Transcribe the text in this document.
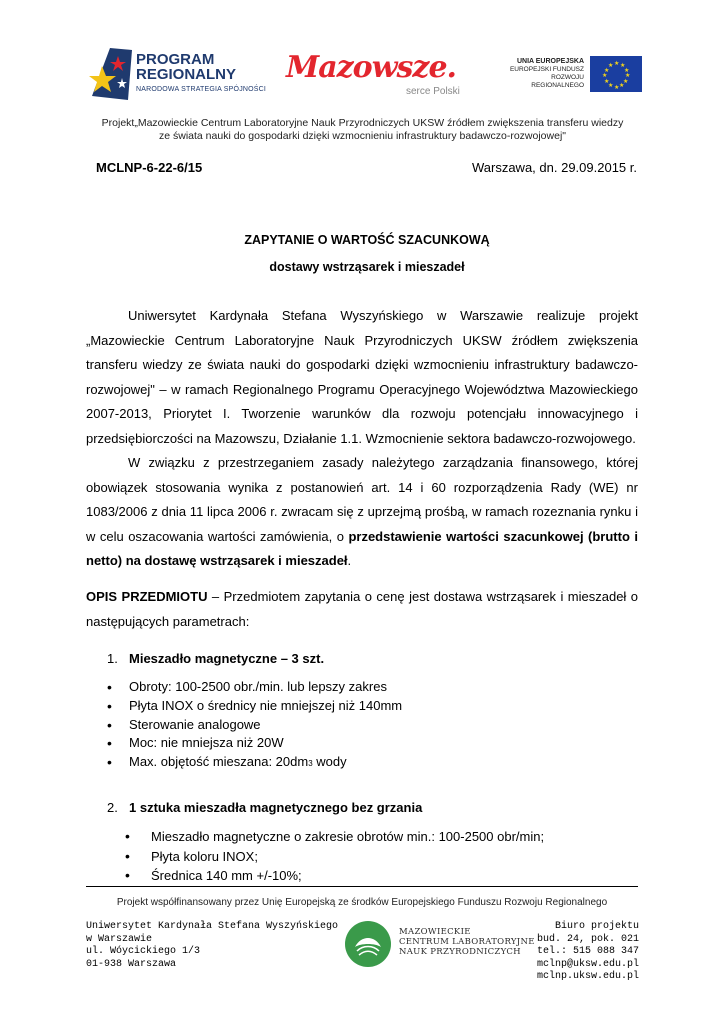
PROGRAM
REGIONALNY
NARODOWA STRATEGIA SPÓJNOŚCI
Mazowsze.
serce Polski
UNIA EUROPEJSKA
EUROPEJSKI FUNDUSZ
ROZWOJU REGIONALNEGO
★ ★
★
★
★
★
★
★
★
★
★
★
Projekt„Mazowieckie Centrum Laboratoryjne Nauk Przyrodniczych UKSW źródłem zwiększenia transferu wiedzy
ze świata nauki do gospodarki dzięki wzmocnieniu infrastruktury badawczo-rozwojowej"
MCLNP-6-22-6/15	Warszawa, dn. 29.09.2015 r.
ZAPYTANIE O WARTOŚĆ SZACUNKOWĄ
dostawy wstrząsarek i mieszadeł
Uniwersytet Kardynała Stefana Wyszyńskiego w Warszawie realizuje projekt „Mazowieckie Centrum Laboratoryjne Nauk Przyrodniczych UKSW źródłem zwiększenia transferu wiedzy ze świata nauki do gospodarki dzięki wzmocnieniu infrastruktury badawczo-rozwojowej" – w ramach Regionalnego Programu Operacyjnego Województwa Mazowieckiego 2007-2013, Priorytet I. Tworzenie warunków dla rozwoju potencjału innowacyjnego i przedsiębiorczości na Mazowszu, Działanie 1.1. Wzmocnienie sektora badawczo-rozwojowego.
W związku z przestrzeganiem zasady należytego zarządzania finansowego, której obowiązek stosowania wynika z postanowień art. 14 i 60 rozporządzenia Rady (WE) nr 1083/2006 z dnia 11 lipca 2006 r. zwracam się z uprzejmą prośbą, w ramach rozeznania rynku i w celu oszacowania wartości zamówienia, o przedstawienie wartości szacunkowej (brutto i netto) na dostawę wstrząsarek i mieszadeł.
OPIS PRZEDMIOTU – Przedmiotem zapytania o cenę jest dostawa wstrząsarek i mieszadeł o następujących parametrach:
1. Mieszadło magnetyczne – 3 szt.
• Obroty: 100-2500 obr./min. lub lepszy zakres
• Płyta INOX o średnicy nie mniejszej niż 140mm
• Sterowanie analogowe
• Moc: nie mniejsza niż 20W
• Max. objętość mieszana: 20dm3 wody
2. 1 sztuka mieszadła magnetycznego bez grzania
• Mieszadło magnetyczne o zakresie obrotów min.: 100-2500 obr/min;
• Płyta koloru INOX;
• Średnica 140 mm +/-10%;
Projekt współfinansowany przez Unię Europejską ze środków Europejskiego Funduszu Rozwoju Regionalnego
Uniwersytet Kardynała Stefana Wyszyńskiego
w Warszawie
ul. Wóycickiego 1/3
01-938 Warszawa
MAZOWIECKIE
CENTRUM LABORATORYJNE
NAUK PRZYRODNICZYCH
Biuro projektu
bud. 24, pok. 021
tel.: 515 088 347
mclnp@uksw.edu.pl
mclnp.uksw.edu.pl
